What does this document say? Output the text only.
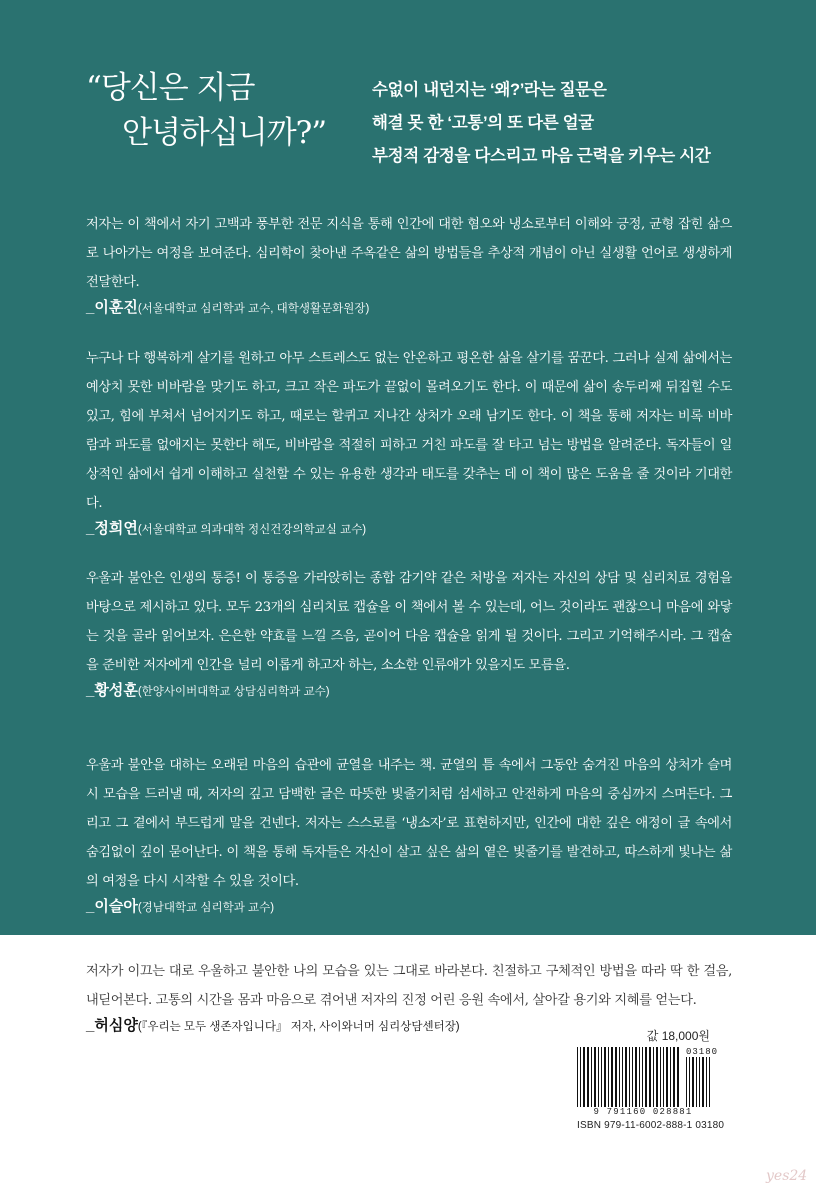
“당신은 지금
안녕하십니까?”
수없이 내던지는 ‘왜?’라는 질문은
해결 못 한 ‘고통’의 또 다른 얼굴
부정적 감정을 다스리고 마음 근력을 키우는 시간
저자는 이 책에서 자기 고백과 풍부한 전문 지식을 통해 인간에 대한 혐오와 냉소로부터 이해와 긍정, 균형 잡힌 삶으로 나아가는 여정을 보여준다. 심리학이 찾아낸 주옥같은 삶의 방법들을 추상적 개념이 아닌 실생활 언어로 생생하게 전달한다.
_이훈진(서울대학교 심리학과 교수, 대학생활문화원장)
누구나 다 행복하게 살기를 원하고 아무 스트레스도 없는 안온하고 평온한 삶을 살기를 꿈꾼다. 그러나 실제 삶에서는 예상치 못한 비바람을 맞기도 하고, 크고 작은 파도가 끝없이 몰려오기도 한다. 이 때문에 삶이 송두리째 뒤집힐 수도 있고, 힘에 부쳐서 넘어지기도 하고, 때로는 할퀴고 지나간 상처가 오래 남기도 한다. 이 책을 통해 저자는 비록 비바람과 파도를 없애지는 못한다 해도, 비바람을 적절히 피하고 거친 파도를 잘 타고 넘는 방법을 알려준다. 독자들이 일상적인 삶에서 쉽게 이해하고 실천할 수 있는 유용한 생각과 태도를 갖추는 데 이 책이 많은 도움을 줄 것이라 기대한다.
_정희연(서울대학교 의과대학 정신건강의학교실 교수)
우울과 불안은 인생의 통증! 이 통증을 가라앉히는 종합 감기약 같은 처방을 저자는 자신의 상담 및 심리치료 경험을 바탕으로 제시하고 있다. 모두 23개의 심리치료 캡슐을 이 책에서 볼 수 있는데, 어느 것이라도 괜찮으니 마음에 와닿는 것을 골라 읽어보자. 은은한 약효를 느낄 즈음, 곧이어 다음 캡슐을 읽게 될 것이다. 그리고 기억해주시라. 그 캡슐을 준비한 저자에게 인간을 널리 이롭게 하고자 하는, 소소한 인류애가 있을지도 모름을.
_황성훈(한양사이버대학교 상담심리학과 교수)
우울과 불안을 대하는 오래된 마음의 습관에 균열을 내주는 책. 균열의 틈 속에서 그동안 숨겨진 마음의 상처가 슬며시 모습을 드러낼 때, 저자의 깊고 담백한 글은 따뜻한 빛줄기처럼 섬세하고 안전하게 마음의 중심까지 스며든다. 그리고 그 곁에서 부드럽게 말을 건넨다. 저자는 스스로를 ‘냉소자’로 표현하지만, 인간에 대한 깊은 애정이 글 속에서 숨김없이 깊이 묻어난다. 이 책을 통해 독자들은 자신이 살고 싶은 삶의 옅은 빛줄기를 발견하고, 따스하게 빛나는 삶의 여정을 다시 시작할 수 있을 것이다.
_이슬아(경남대학교 심리학과 교수)
저자가 이끄는 대로 우울하고 불안한 나의 모습을 있는 그대로 바라본다. 친절하고 구체적인 방법을 따라 딱 한 걸음, 내딛어본다. 고통의 시간을 몸과 마음으로 겪어낸 저자의 진정 어린 응원 속에서, 살아갈 용기와 지혜를 얻는다.
_허심양(『우리는 모두 생존자입니다』 저자, 사이와너머 심리상담센터장)
값 18,000원
03180
9 791160 028881
ISBN 979-11-6002-888-1 03180
yes24
